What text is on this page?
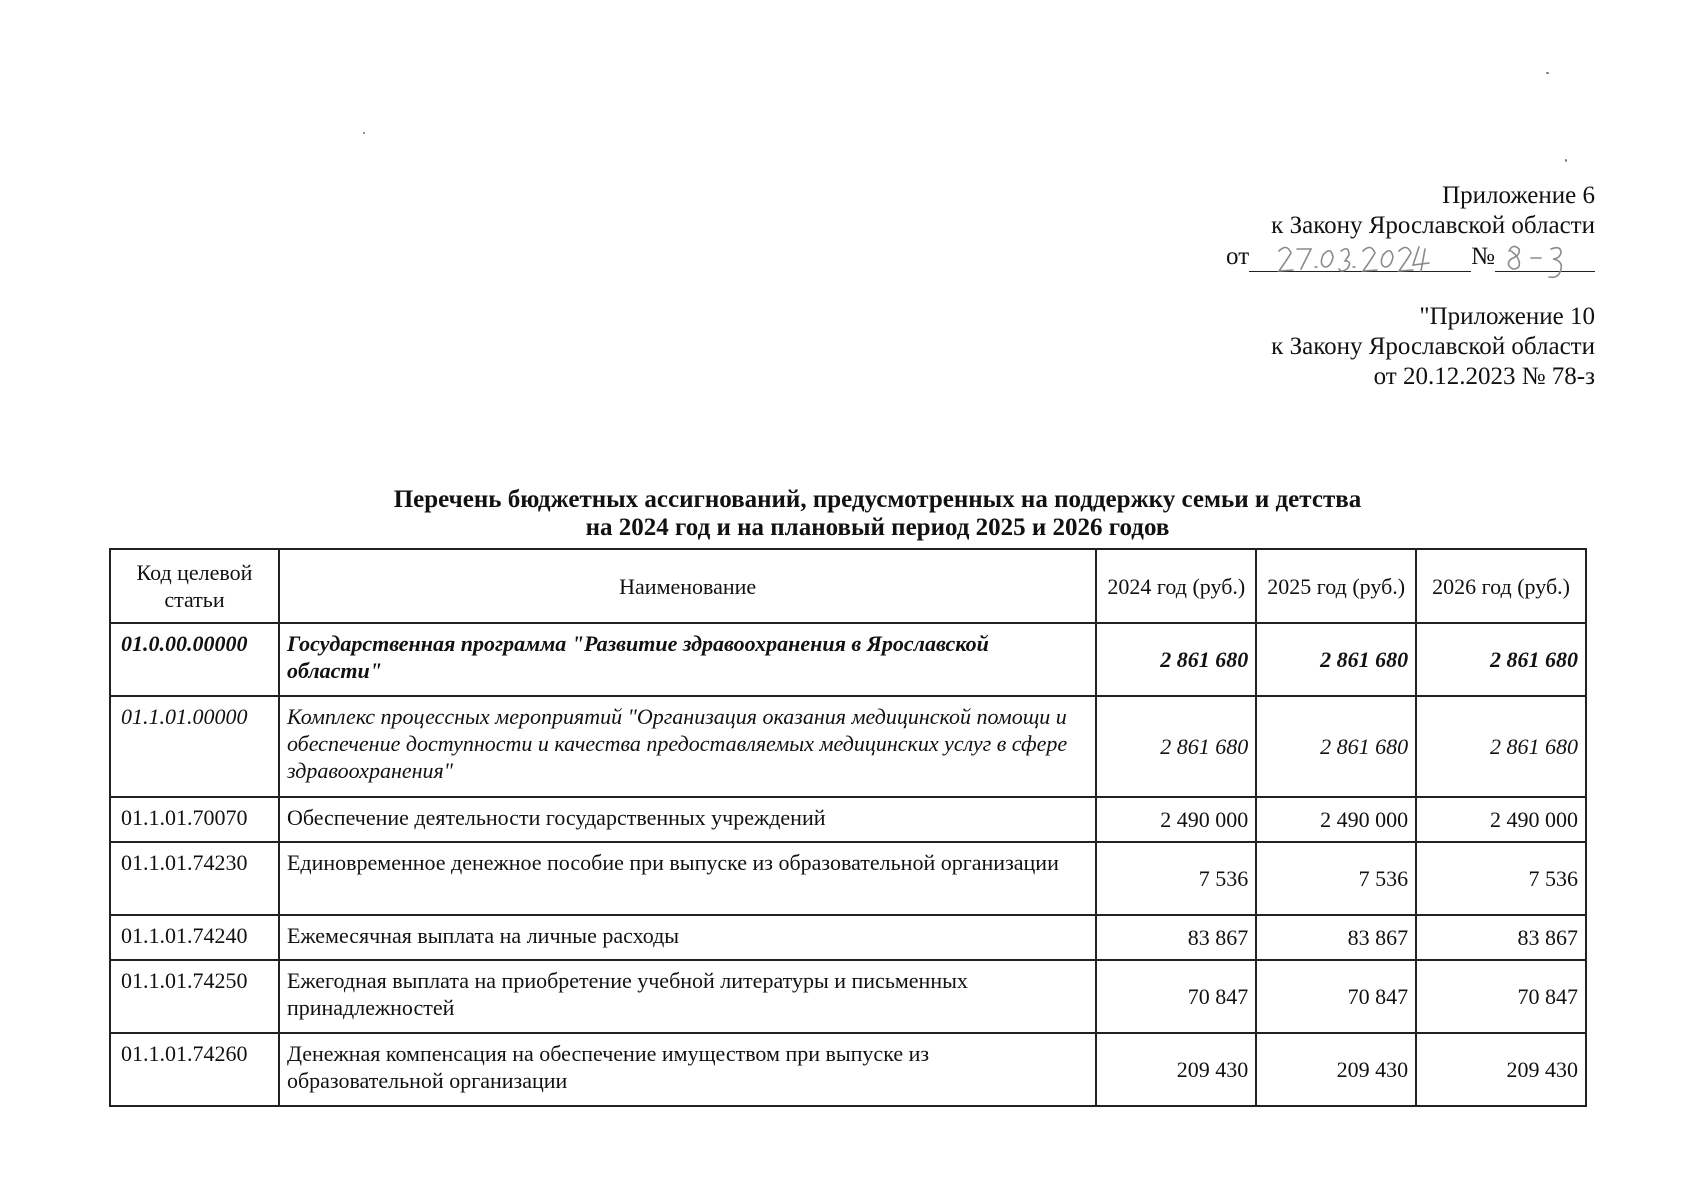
Приложение 6
к Закону Ярославской области
от	№
"Приложение 10
к Закону Ярославской области
от 20.12.2023 № 78-з
Перечень бюджетных ассигнований, предусмотренных на поддержку семьи и детства
на 2024 год и на плановый период 2025 и 2026 годов
Код целевой статьи	Наименование	2024 год (руб.)	2025 год (руб.)	2026 год (руб.)
01.0.00.00000	Государственная программа "Развитие здравоохранения в Ярославской области"	2 861 680	2 861 680	2 861 680
01.1.01.00000	Комплекс процессных мероприятий "Организация оказания медицинской помощи и обеспечение доступности и качества предоставляемых медицинских услуг в сфере здравоохранения"	2 861 680	2 861 680	2 861 680
01.1.01.70070	Обеспечение деятельности государственных учреждений	2 490 000	2 490 000	2 490 000
01.1.01.74230	Единовременное денежное пособие при выпуске из образовательной организации	7 536	7 536	7 536
01.1.01.74240	Ежемесячная выплата на личные расходы	83 867	83 867	83 867
01.1.01.74250	Ежегодная выплата на приобретение учебной литературы и письменных принадлежностей	70 847	70 847	70 847
01.1.01.74260	Денежная компенсация на обеспечение имуществом при выпуске из образовательной организации	209 430	209 430	209 430
